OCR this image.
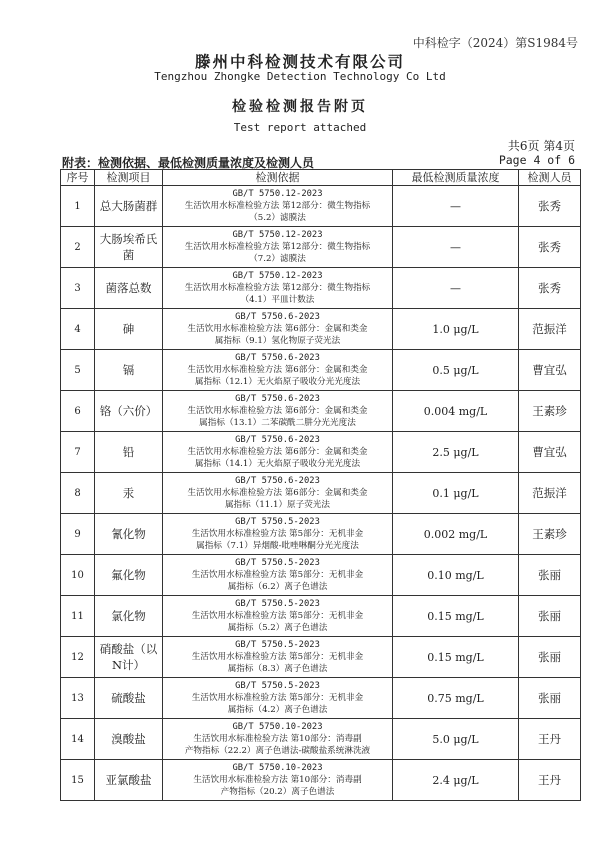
中科检字（2024）第S1984号
滕州中科检测技术有限公司
Tengzhou Zhongke Detection Technology Co Ltd
检验检测报告附页
Test report attached
共6页 第4页
附表：检测依据、最低检测质量浓度及检测人员	Page 4 of 6
序号	检测项目	检测依据	最低检测质量浓度	检测人员
1	总大肠菌群	GB/T 5750.12-2023
生活饮用水标准检验方法 第12部分：微生物指标
（5.2）滤膜法	—	张秀
2	大肠埃希氏菌	GB/T 5750.12-2023
生活饮用水标准检验方法 第12部分：微生物指标
（7.2）滤膜法	—	张秀
3	菌落总数	GB/T 5750.12-2023
生活饮用水标准检验方法 第12部分：微生物指标
（4.1）平皿计数法	—	张秀
4	砷	GB/T 5750.6-2023
生活饮用水标准检验方法 第6部分：金属和类金
属指标（9.1）氢化物原子荧光法	1.0 μg/L	范振洋
5	镉	GB/T 5750.6-2023
生活饮用水标准检验方法 第6部分：金属和类金
属指标（12.1）无火焰原子吸收分光光度法	0.5 μg/L	曹宜弘
6	铬（六价）	GB/T 5750.6-2023
生活饮用水标准检验方法 第6部分：金属和类金
属指标（13.1）二苯碳酰二肼分光光度法	0.004 mg/L	王素珍
7	铅	GB/T 5750.6-2023
生活饮用水标准检验方法 第6部分：金属和类金
属指标（14.1）无火焰原子吸收分光光度法	2.5 μg/L	曹宜弘
8	汞	GB/T 5750.6-2023
生活饮用水标准检验方法 第6部分：金属和类金
属指标（11.1）原子荧光法	0.1 μg/L	范振洋
9	氰化物	GB/T 5750.5-2023
生活饮用水标准检验方法 第5部分：无机非金
属指标（7.1）异烟酸-吡唑啉酮分光光度法	0.002 mg/L	王素珍
10	氟化物	GB/T 5750.5-2023
生活饮用水标准检验方法 第5部分：无机非金
属指标（6.2）离子色谱法	0.10 mg/L	张丽
11	氯化物	GB/T 5750.5-2023
生活饮用水标准检验方法 第5部分：无机非金
属指标（5.2）离子色谱法	0.15 mg/L	张丽
12	硝酸盐（以N计）	GB/T 5750.5-2023
生活饮用水标准检验方法 第5部分：无机非金
属指标（8.3）离子色谱法	0.15 mg/L	张丽
13	硫酸盐	GB/T 5750.5-2023
生活饮用水标准检验方法 第5部分：无机非金
属指标（4.2）离子色谱法	0.75 mg/L	张丽
14	溴酸盐	GB/T 5750.10-2023
生活饮用水标准检验方法 第10部分：消毒副
产物指标（22.2）离子色谱法-碳酸盐系统淋洗液	5.0 μg/L	王丹
15	亚氯酸盐	GB/T 5750.10-2023
生活饮用水标准检验方法 第10部分：消毒副
产物指标（20.2）离子色谱法	2.4 μg/L	王丹
